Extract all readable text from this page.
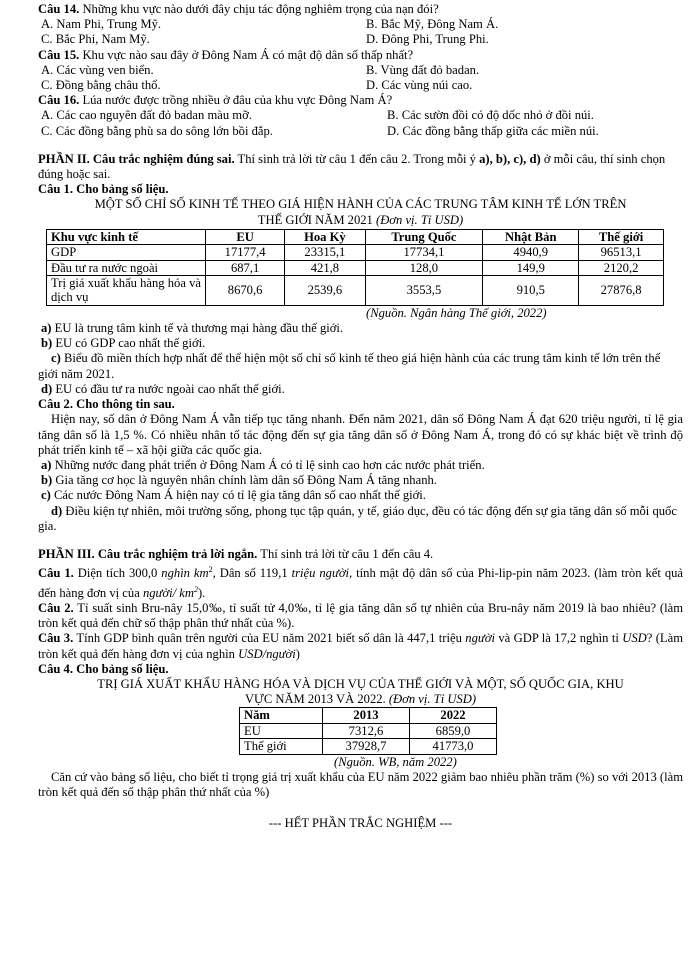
Câu 14. Những khu vực nào dưới đây chịu tác động nghiêm trọng của nạn đói?

A. Nam Phi, Trung Mỹ.	B. Bắc Mỹ, Đông Nam Á.
C. Bắc Phi, Nam Mỹ.	D. Đông Phi, Trung Phi.

Câu 15. Khu vực nào sau đây ở Đông Nam Á có mật độ dân số thấp nhất?

A. Các vùng ven biển.	B. Vùng đất đỏ badan.
C. Đồng bằng châu thổ.	D. Các vùng núi cao.

Câu 16. Lúa nước được trồng nhiều ở đâu của khu vực Đông Nam Á?

A. Các cao nguyên đất đỏ badan màu mỡ.	B. Các sườn đồi có độ dốc nhỏ ở đồi núi.
C. Các đồng bằng phù sa do sông lớn bồi đắp.	D. Các đồng bằng thấp giữa các miền núi.

PHẦN II. Câu trắc nghiệm đúng sai. Thí sinh trả lời từ câu 1 đến câu 2. Trong mỗi ý a), b), c), d) ở mỗi câu, thí sinh chọn đúng hoặc sai.

Câu 1. Cho bảng số liệu.

MỘT SỐ CHỈ SỐ KINH TẾ THEO GIÁ HIỆN HÀNH CỦA CÁC TRUNG TÂM KINH TẾ LỚN TRÊN
THẾ GIỚI NĂM 2021 (Đơn vị. Tỉ USD)
Khu vực kinh tế	EU	Hoa Kỳ	Trung Quốc	Nhật Bản	Thế giới
GDP	17177,4	23315,1	17734,1	4940,9	96513,1
Đầu tư ra nước ngoài	687,1	421,8	128,0	149,9	2120,2
Trị giá xuất khẩu hàng hóa và dịch vụ	8670,6	2539,6	3553,5	910,5	27876,8
(Nguồn. Ngân hàng Thế giới, 2022)

a) EU là trung tâm kinh tế và thương mại hàng đầu thế giới.

b) EU có GDP cao nhất thế giới.

c) Biểu đồ miền thích hợp nhất để thể hiện một số chỉ số kinh tế theo giá hiện hành của các trung tâm kinh tế lớn trên thế giới năm 2021.

d) EU có đầu tư ra nước ngoài cao nhất thế giới.

Câu 2. Cho thông tin sau.

Hiện nay, số dân ở Đông Nam Á vẫn tiếp tục tăng nhanh. Đến năm 2021, dân số Đông Nam Á đạt 620 triệu người, tỉ lệ gia tăng dân số là 1,5 %. Có nhiều nhân tố tác động đến sự gia tăng dân số ở Đông Nam Á, trong đó có sự khác biệt về trình độ phát triển kinh tế – xã hội giữa các quốc gia.

a) Những nước đang phát triển ở Đông Nam Á có tỉ lệ sinh cao hơn các nước phát triển.

b) Gia tăng cơ học là nguyên nhân chính làm dân số Đông Nam Á tăng nhanh.

c) Các nước Đông Nam Á hiện nay có tỉ lệ gia tăng dân số cao nhất thế giới.

d) Điều kiện tự nhiên, môi trường sống, phong tục tập quán, y tế, giáo dục, đều có tác động đến sự gia tăng dân số mỗi quốc gia.

PHẦN III. Câu trắc nghiệm trả lời ngắn. Thí sinh trả lời từ câu 1 đến câu 4.

Câu 1. Diện tích 300,0 nghìn $km^2$, Dân số 119,1 triệu người, tính mật độ dân số của Phi-lip-pin năm 2023. (làm tròn kết quả đến hàng đơn vị của người/ $km^2$).

Câu 2. Tỉ suất sinh Bru-nây 15,0‰, tỉ suất tử 4,0‰, tỉ lệ gia tăng dân số tự nhiên của Bru-nây năm 2019 là bao nhiêu? (làm tròn kết quả đến chữ số thập phân thứ nhất của %).

Câu 3. Tính GDP bình quân trên người của EU năm 2021 biết số dân là 447,1 triệu người và GDP là 17,2 nghìn tỉ USD? (Làm tròn kết quả đến hàng đơn vị của nghìn USD/người)

Câu 4. Cho bảng số liệu.

TRỊ GIÁ XUẤT KHẨU HÀNG HÓA VÀ DỊCH VỤ CỦA THẾ GIỚI VÀ MỘT, SỐ QUỐC GIA, KHU
VỰC NĂM 2013 VÀ 2022. (Đơn vị. Tỉ USD)
Năm	2013	2022
EU	7312,6	6859,0
Thế giới	37928,7	41773,0
(Nguồn. WB, năm 2022)

Căn cứ vào bảng số liệu, cho biết tỉ trọng giá trị xuất khẩu của EU năm 2022 giảm bao nhiêu phần trăm (%) so với 2013 (làm tròn kết quả đến số thập phân thứ nhất của %)

--- HẾT PHẦN TRẮC NGHIỆM ---
